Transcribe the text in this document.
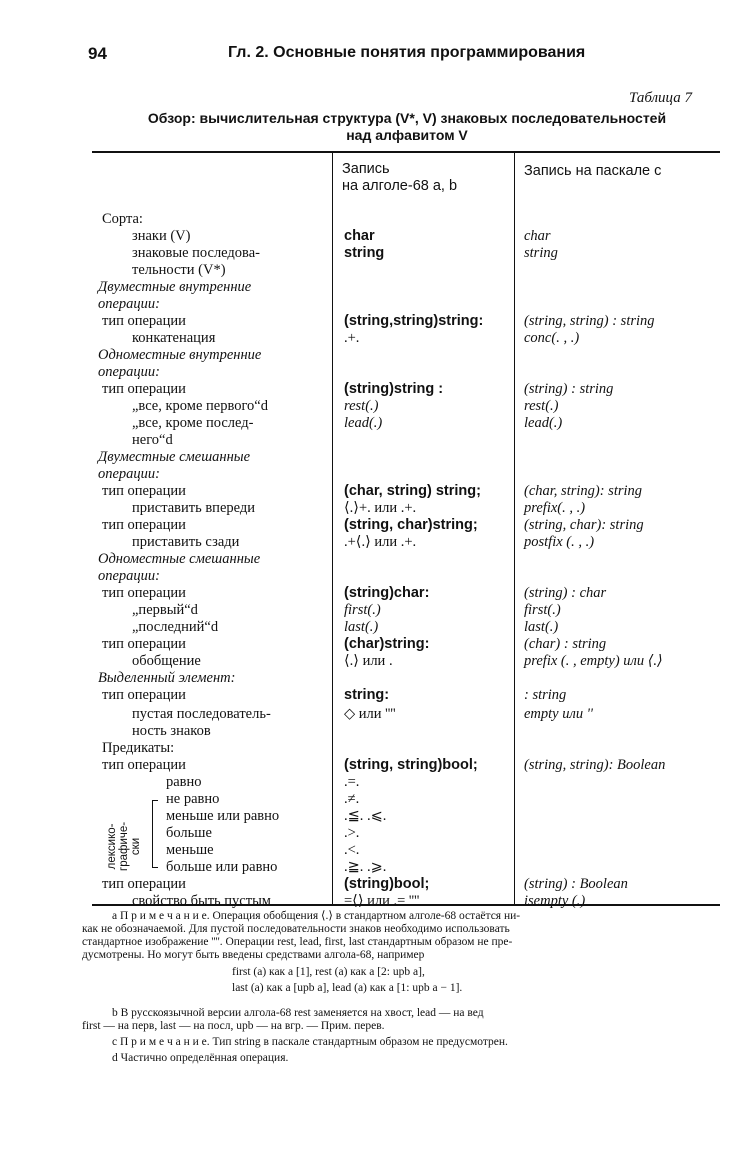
94	Гл. 2. Основные понятия программирования
Таблица 7
Обзор: вычислительная структура (V*, V) знаковых последовательностей
над алфавитом V
Запись
на алголе-68 a, b
Запись на паскале c
лексико-
графиче-
ски
Сорта:
знаки (V)	char	char
знаковые последова-	string	string
тельности (V*)
Двуместные внутренние
операции:
тип операции	(string,string)string:	(string, string) : string
конкатенация	.+.	conc(. , .)
Одноместные внутренние
операции:
тип операции	(string)string :	(string) : string
„все, кроме первого“d	rest(.)	rest(.)
„все, кроме послед-	lead(.)	lead(.)
него“d
Двуместные смешанные
операции:
тип операции	(char, string) string;	(char, string): string
приставить впереди	⟨.⟩+. или .+.	prefix(. , .)
тип операции	(string, char)string;	(string, char): string
приставить сзади	.+⟨.⟩ или .+.	postfix (. , .)
Одноместные смешанные
операции:
тип операции	(string)char:	(string) : char
„первый“d	first(.)	first(.)
„последний“d	last(.)	last(.)
тип операции	(char)string:	(char) : string
обобщение	⟨.⟩ или .	prefix (. , empty) или ⟨.⟩
Выделенный элемент:
тип операции	string:	: string
пустая последователь-	◇ или ''''	empty или ''
ность знаков
Предикаты:
тип операции	(string, string)bool;	(string, string): Boolean
равно	.=.
не равно	.≠.
меньше или равно	.≦. .⩽.
больше	.>.
меньше	.<.
больше или равно	.≧. .⩾.
тип операции	(string)bool;	(string) : Boolean
свойство быть пустым	=⟨⟩ или .= ''''	isempty (.)
а П р и м е ч а н и е. Операция обобщения ⟨.⟩ в стандартном алголе-68 остаётся ни-
как не обозначаемой. Для пустой последовательности знаков необходимо использовать
стандартное изображение ''''. Операции rest, lead, first, last стандартным образом не пре-
дусмотрены. Но могут быть введены средствами алгола-68, например
first (a) как a [1], rest (a) как a [2: upb a],
last (a) как a [upb a], lead (a) как a [1: upb a − 1].
b В русскоязычной версии алгола-68 rest заменяется на хвост, lead — на вед
first — на перв, last — на посл, upb — на вгр. — Прим. перев.
с П р и м е ч а н и е. Тип string в паскале стандартным образом не предусмотрен.
d Частично определённая операция.
